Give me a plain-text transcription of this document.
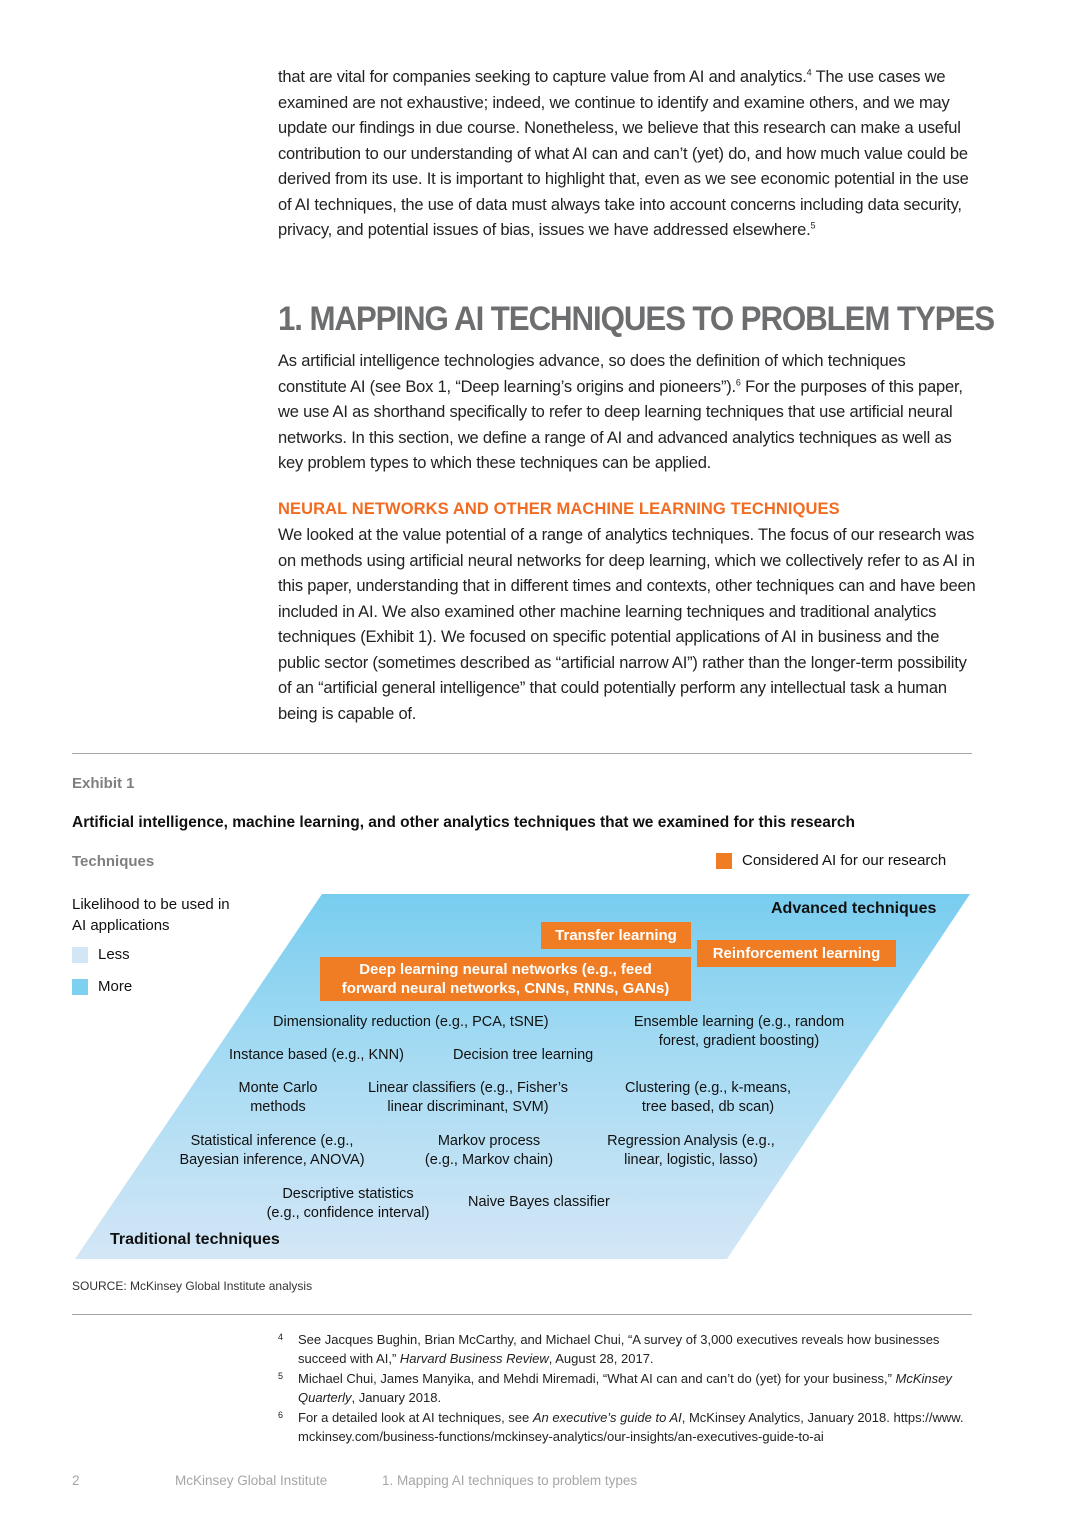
that are vital for companies seeking to capture value from AI and analytics.$^4$ The use cases we examined are not exhaustive; indeed, we continue to identify and examine others, and we may update our findings in due course. Nonetheless, we believe that this research can make a useful contribution to our understanding of what AI can and can’t (yet) do, and how much value could be derived from its use. It is important to highlight that, even as we see economic potential in the use of AI techniques, the use of data must always take into account concerns including data security, privacy, and potential issues of bias, issues we have addressed elsewhere.$^5$

1. MAPPING AI TECHNIQUES TO PROBLEM TYPES

As artificial intelligence technologies advance, so does the definition of which techniques constitute AI (see Box 1, “Deep learning’s origins and pioneers”).$^6$ For the purposes of this paper, we use AI as shorthand specifically to refer to deep learning techniques that use artificial neural networks. In this section, we define a range of AI and advanced analytics techniques as well as key problem types to which these techniques can be applied.

NEURAL NETWORKS AND OTHER MACHINE LEARNING TECHNIQUES

We looked at the value potential of a range of analytics techniques. The focus of our research was on methods using artificial neural networks for deep learning, which we collectively refer to as AI in this paper, understanding that in different times and contexts, other techniques can and have been included in AI. We also examined other machine learning techniques and traditional analytics techniques (Exhibit 1). We focused on specific potential applications of AI in business and the public sector (sometimes described as “artificial narrow AI”) rather than the longer-term possibility of an “artificial general intelligence” that could potentially perform any intellectual task a human being is capable of.

Exhibit 1
Artificial intelligence, machine learning, and other analytics techniques that we examined for this research
Techniques	Considered AI for our research
Likelihood to be used in
AI applications
Less
More
Advanced techniques
Traditional techniques
Transfer learning
Reinforcement learning
Deep learning neural networks (e.g., feed
forward neural networks, CNNs, RNNs, GANs)
Dimensionality reduction (e.g., PCA, tSNE)	Ensemble learning (e.g., random
forest, gradient boosting)
Instance based (e.g., KNN)	Decision tree learning
Monte Carlo
methods
Linear classifiers (e.g., Fisher’s
linear discriminant, SVM)
Clustering (e.g., k-means,
tree based, db scan)
Statistical inference (e.g.,
Bayesian inference, ANOVA)
Markov process
(e.g., Markov chain)
Regression Analysis (e.g.,
linear, logistic, lasso)
Descriptive statistics
(e.g., confidence interval)
Naive Bayes classifier
SOURCE: McKinsey Global Institute analysis
4 See Jacques Bughin, Brian McCarthy, and Michael Chui, “A survey of 3,000 executives reveals how businesses succeed with AI,” Harvard Business Review, August 28, 2017.
5 Michael Chui, James Manyika, and Mehdi Miremadi, “What AI can and can’t do (yet) for your business,” McKinsey Quarterly, January 2018.
6 For a detailed look at AI techniques, see An executive’s guide to AI, McKinsey Analytics, January 2018. https://www.mckinsey.com/business-functions/mckinsey-analytics/our-insights/an-executives-guide-to-ai
2	McKinsey Global Institute	1. Mapping AI techniques to problem types
